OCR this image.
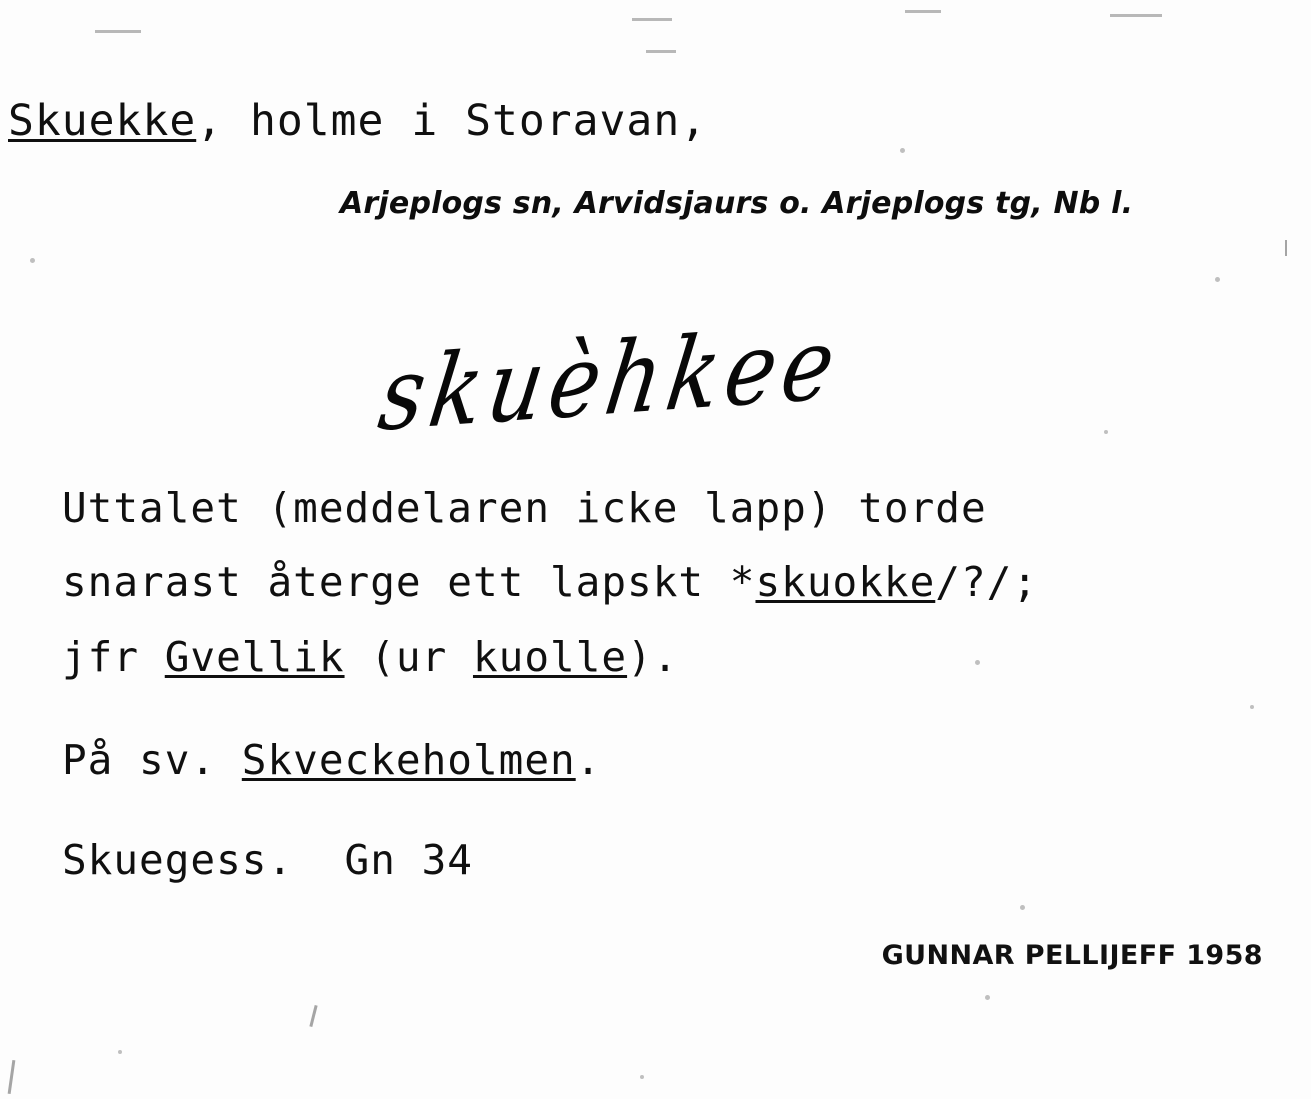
Skuekke, holme i Storavan,
Arjeplogs sn, Arvidsjaurs o. Arjeplogs tg, Nb l.
skuèhkee
Uttalet (meddelaren icke lapp) torde
snarast återge ett lapskt *skuokke/?/;
jfr Gvellik (ur kuolle).
På sv. Skveckeholmen.
Skuegess.  Gn 34
GUNNAR PELLIJEFF 1958
